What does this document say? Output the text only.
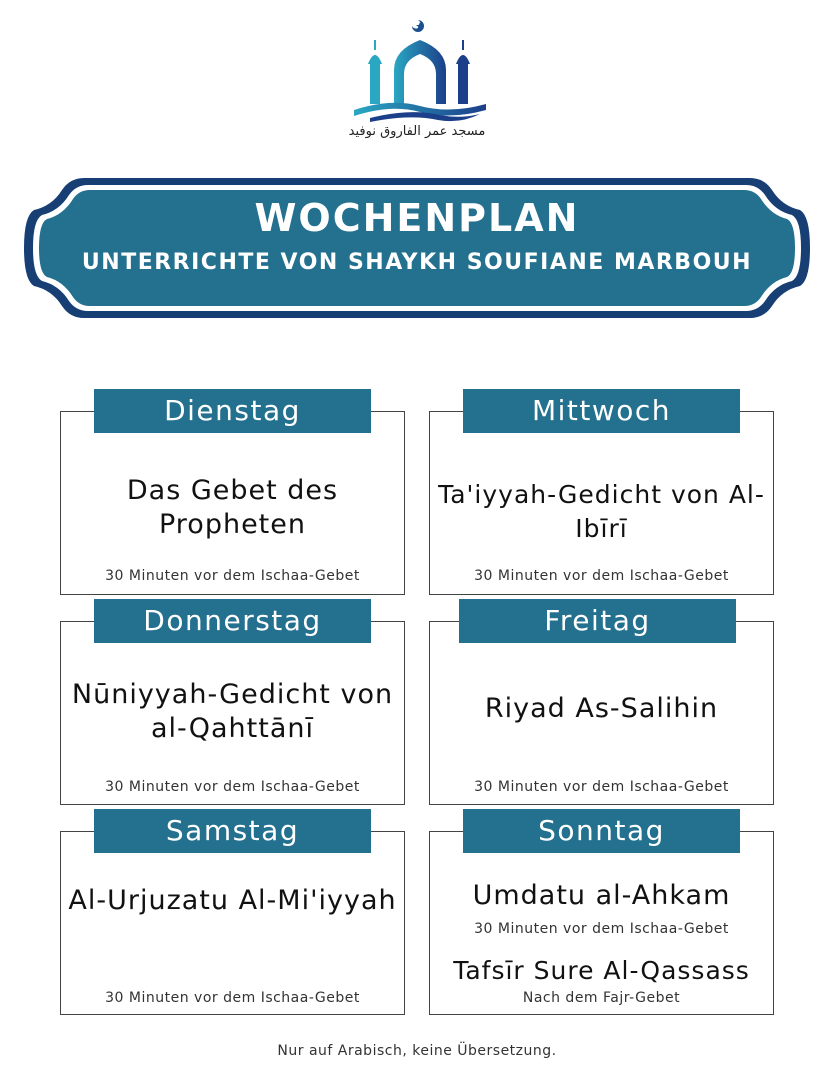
مسجد عمر الفاروق نوفيد
WOCHENPLAN
UNTERRICHTE VON SHAYKH SOUFIANE MARBOUH
Das Gebet des Propheten
30 Minuten vor dem Ischaa-Gebet
Dienstag
Ta'iyyah-Gedicht von Al-Ibīrī
30 Minuten vor dem Ischaa-Gebet
Mittwoch
Nūniyyah-Gedicht von al-Qahttānī
30 Minuten vor dem Ischaa-Gebet
Donnerstag
Riyad As-Salihin
30 Minuten vor dem Ischaa-Gebet
Freitag
Al-Urjuzatu Al-Mi'iyyah
30 Minuten vor dem Ischaa-Gebet
Samstag
Umdatu al-Ahkam
30 Minuten vor dem Ischaa-Gebet
Tafsīr Sure Al-Qassass
Nach dem Fajr-Gebet
Sonntag
Nur auf Arabisch, keine Übersetzung.
